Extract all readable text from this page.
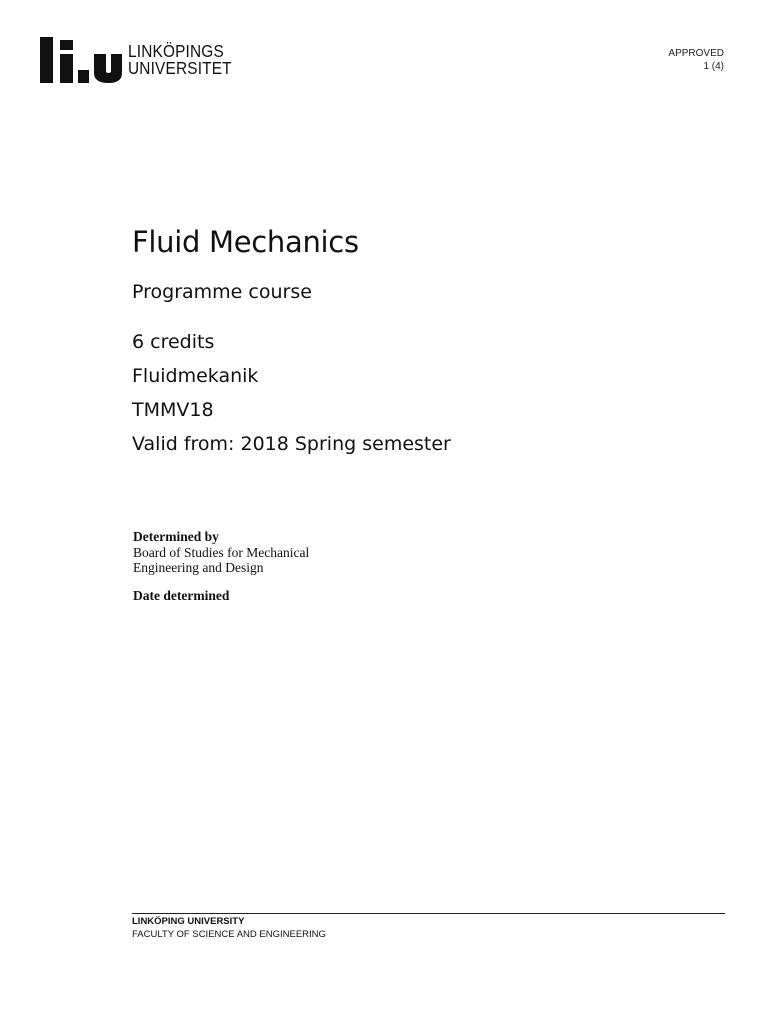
LINKÖPINGS
UNIVERSITET
APPROVED
1 (4)
Fluid Mechanics
Programme course
6 credits
Fluidmekanik
TMMV18
Valid from: 2018 Spring semester
Determined by
Board of Studies for Mechanical Engineering and Design
Date determined
LINKÖPING UNIVERSITY
FACULTY OF SCIENCE AND ENGINEERING
